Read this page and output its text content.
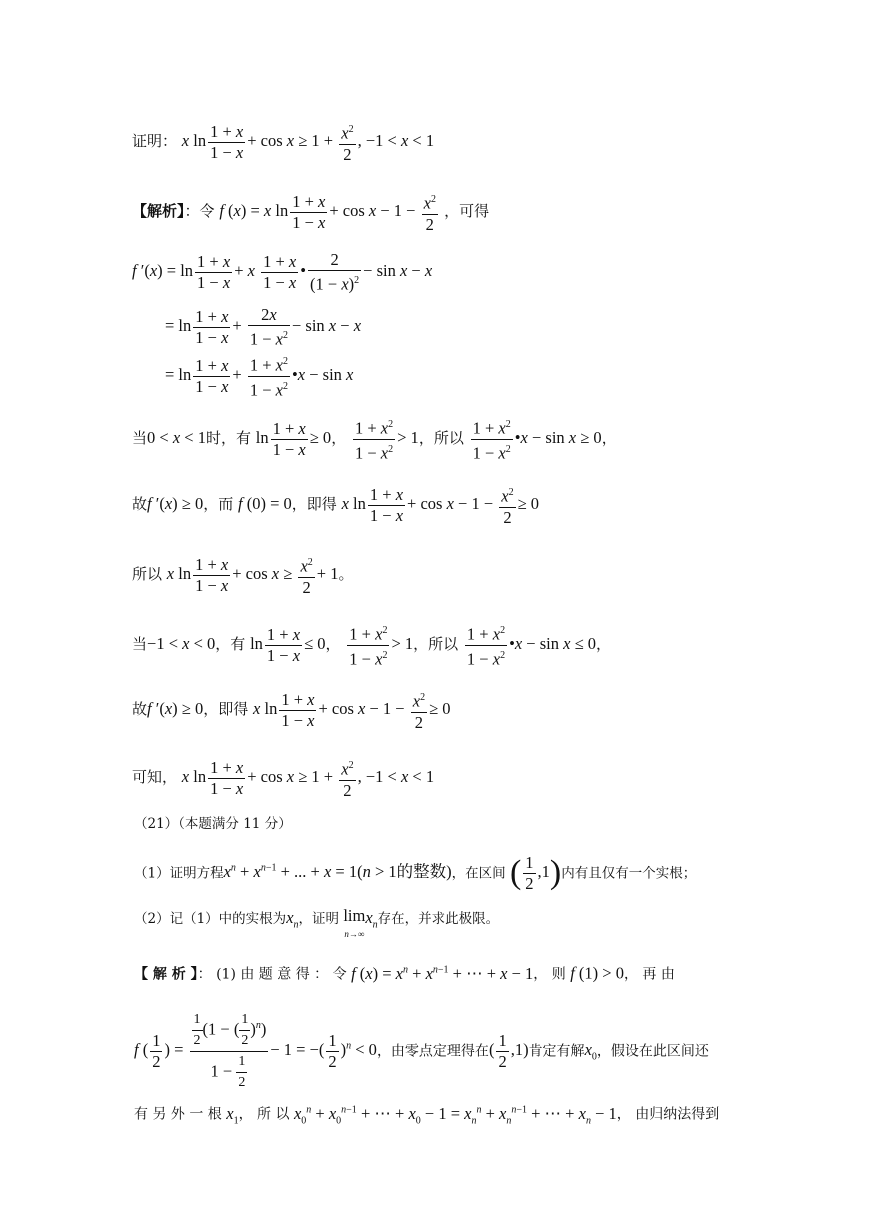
证明： x $\ln \frac{1 + x}{1 - x} + \cos x \ge 1 + \frac{x^2}{2}$ , −1 < x < 1
【解析】：令 f (x) = x $\ln \frac{1 + x}{1 - x} + \cos x - 1 - \frac{x^2}{2}$ ，可得
f $'(x) = \ln \frac{1 + x}{1 - x} + x \frac{1 + x}{1 - x}$ • $\frac{2}{(1 - x)^2} - \sin x - x$
= $\ln \frac{1 + x}{1 - x} + \frac{2x}{1 - x^2} - \sin x - x$
= $\ln \frac{1 + x}{1 - x} + \frac{1 + x^2}{1 - x^2}$ •x − sin x
当0 < x < 1时，有 $\ln \frac{1 + x}{1 - x} \ge 0$， $\frac{1 + x^2}{1 - x^2} > 1$，所以 $\frac{1 + x^2}{1 - x^2}$ •x − sin x ≥ 0，
故f ′(x) ≥ 0，而 f (0) = 0，即得 x $\ln \frac{1 + x}{1 - x} + \cos x - 1 - \frac{x^2}{2} \ge 0$
所以 x $\ln \frac{1 + x}{1 - x} + \cos x \ge \frac{x^2}{2} + 1$。
当−1 < x < 0，有 $\ln \frac{1 + x}{1 - x} \le 0$， $\frac{1 + x^2}{1 - x^2} > 1$，所以 $\frac{1 + x^2}{1 - x^2}$ •x − sin x ≤ 0，
故f ′(x) ≥ 0，即得 x $\ln \frac{1 + x}{1 - x} + \cos x - 1 - \frac{x^2}{2} \ge 0$
可知， x $\ln \frac{1 + x}{1 - x} + \cos x \ge 1 + \frac{x^2}{2}$ , −1 < x < 1
（21）（本题满分 11 分）
（1）证明方程$x^n + x^{n-1}$ + ... + x = 1(n > 1的整数)，在区间 ( $\frac{1}{2} ,1$)内有且仅有一个实根；
（2）记（1）中的实根为$x_n$，证明 lim
$n\to\infty x_n$存在，并求此极限。
【 解 析 】： (1) 由 题 意 得 ： 令 f $(x) = x^n + x^{n-1}$ + ⋯ + x − 1， 则 f (1) > 0， 再 由
f ( $\frac{1}{2}$ ) = $\frac{\frac{1}{2} (1 - ( \frac{1}{2} )^n)}{1 - \frac{1}{2}} - 1$ = −( $\frac{1}{2} )^n < 0$，由零点定理得在( $\frac{1}{2} ,1$)肯定有解$x_0$，假设在此区间还
有 另 外 一 根 $x_1$， 所 以 $x_0^n + x_0^{n-1}$ + ⋯ + $x_0 - 1 = x_n^n + x_n^{n-1}$ + ⋯ + $x_n - 1$， 由归纳法得到
